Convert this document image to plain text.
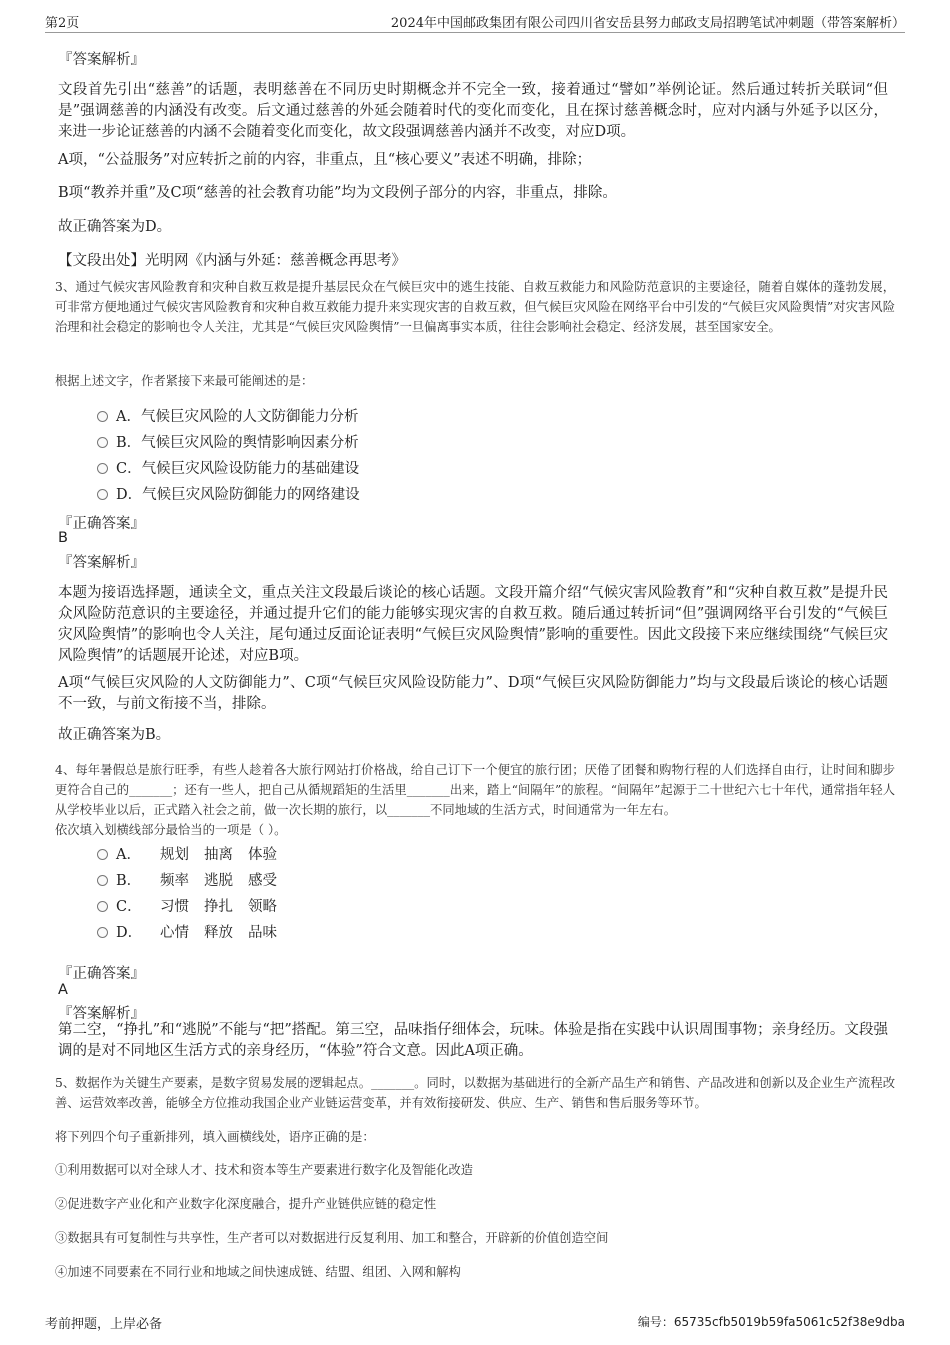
第2页	2024年中国邮政集团有限公司四川省安岳县努力邮政支局招聘笔试冲刺题（带答案解析）
『答案解析』
文段首先引出“慈善”的话题，表明慈善在不同历史时期概念并不完全一致，接着通过“譬如”举例论证。然后通过转折关联词“但是”强调慈善的内涵没有改变。后文通过慈善的外延会随着时代的变化而变化，且在探讨慈善概念时，应对内涵与外延予以区分，来进一步论证慈善的内涵不会随着变化而变化，故文段强调慈善内涵并不改变，对应D项。
A项，“公益服务”对应转折之前的内容，非重点，且“核心要义”表述不明确，排除；
B项“教养并重”及C项“慈善的社会教育功能”均为文段例子部分的内容，非重点，排除。
故正确答案为D。
【文段出处】光明网《内涵与外延：慈善概念再思考》
3、通过气候灾害风险教育和灾种自救互救是提升基层民众在气候巨灾中的逃生技能、自救互救能力和风险防范意识的主要途径，随着自媒体的蓬勃发展，可非常方便地通过气候灾害风险教育和灾种自救互救能力提升来实现灾害的自救互救，但气候巨灾风险在网络平台中引发的“气候巨灾风险舆情”对灾害风险治理和社会稳定的影响也令人关注，尤其是“气候巨灾风险舆情”一旦偏离事实本质，往往会影响社会稳定、经济发展，甚至国家安全。
根据上述文字，作者紧接下来最可能阐述的是：
A．气候巨灾风险的人文防御能力分析
B．气候巨灾风险的舆情影响因素分析
C．气候巨灾风险设防能力的基础建设
D．气候巨灾风险防御能力的网络建设
『正确答案』
B
『答案解析』
本题为接语选择题，通读全文，重点关注文段最后谈论的核心话题。文段开篇介绍“气候灾害风险教育”和“灾种自救互救”是提升民众风险防范意识的主要途径，并通过提升它们的能力能够实现灾害的自救互救。随后通过转折词“但”强调网络平台引发的“气候巨灾风险舆情”的影响也令人关注，尾句通过反面论证表明“气候巨灾风险舆情”影响的重要性。因此文段接下来应继续围绕“气候巨灾风险舆情”的话题展开论述，对应B项。
A项“气候巨灾风险的人文防御能力”、C项“气候巨灾风险设防能力”、D项“气候巨灾风险防御能力”均与文段最后谈论的核心话题不一致，与前文衔接不当，排除。
故正确答案为B。
4、每年暑假总是旅行旺季，有些人趁着各大旅行网站打价格战，给自己订下一个便宜的旅行团；厌倦了团餐和购物行程的人们选择自由行，让时间和脚步更符合自己的_______；还有一些人，把自己从循规蹈矩的生活里_______出来，踏上“间隔年”的旅程。“间隔年”起源于二十世纪六七十年代，通常指年轻人从学校毕业以后，正式踏入社会之前，做一次长期的旅行，以_______不同地域的生活方式，时间通常为一年左右。
依次填入划横线部分最恰当的一项是（ ）。
A． 规划 抽离 体验
B． 频率 逃脱 感受
C． 习惯 挣扎 领略
D． 心情 释放 品味
『正确答案』
A
『答案解析』
第二空，“挣扎”和“逃脱”不能与“把”搭配。第三空，品味指仔细体会，玩味。体验是指在实践中认识周围事物；亲身经历。文段强调的是对不同地区生活方式的亲身经历，“体验”符合文意。因此A项正确。
5、数据作为关键生产要素，是数字贸易发展的逻辑起点。_______。同时，以数据为基础进行的全新产品生产和销售、产品改进和创新以及企业生产流程改善、运营效率改善，能够全方位推动我国企业产业链运营变革，并有效衔接研发、供应、生产、销售和售后服务等环节。
将下列四个句子重新排列，填入画横线处，语序正确的是：
①利用数据可以对全球人才、技术和资本等生产要素进行数字化及智能化改造
②促进数字产业化和产业数字化深度融合，提升产业链供应链的稳定性
③数据具有可复制性与共享性，生产者可以对数据进行反复利用、加工和整合，开辟新的价值创造空间
④加速不同要素在不同行业和地域之间快速成链、结盟、组团、入网和解构
考前押题，上岸必备	编号：65735cfb5019b59fa5061c52f38e9dba
